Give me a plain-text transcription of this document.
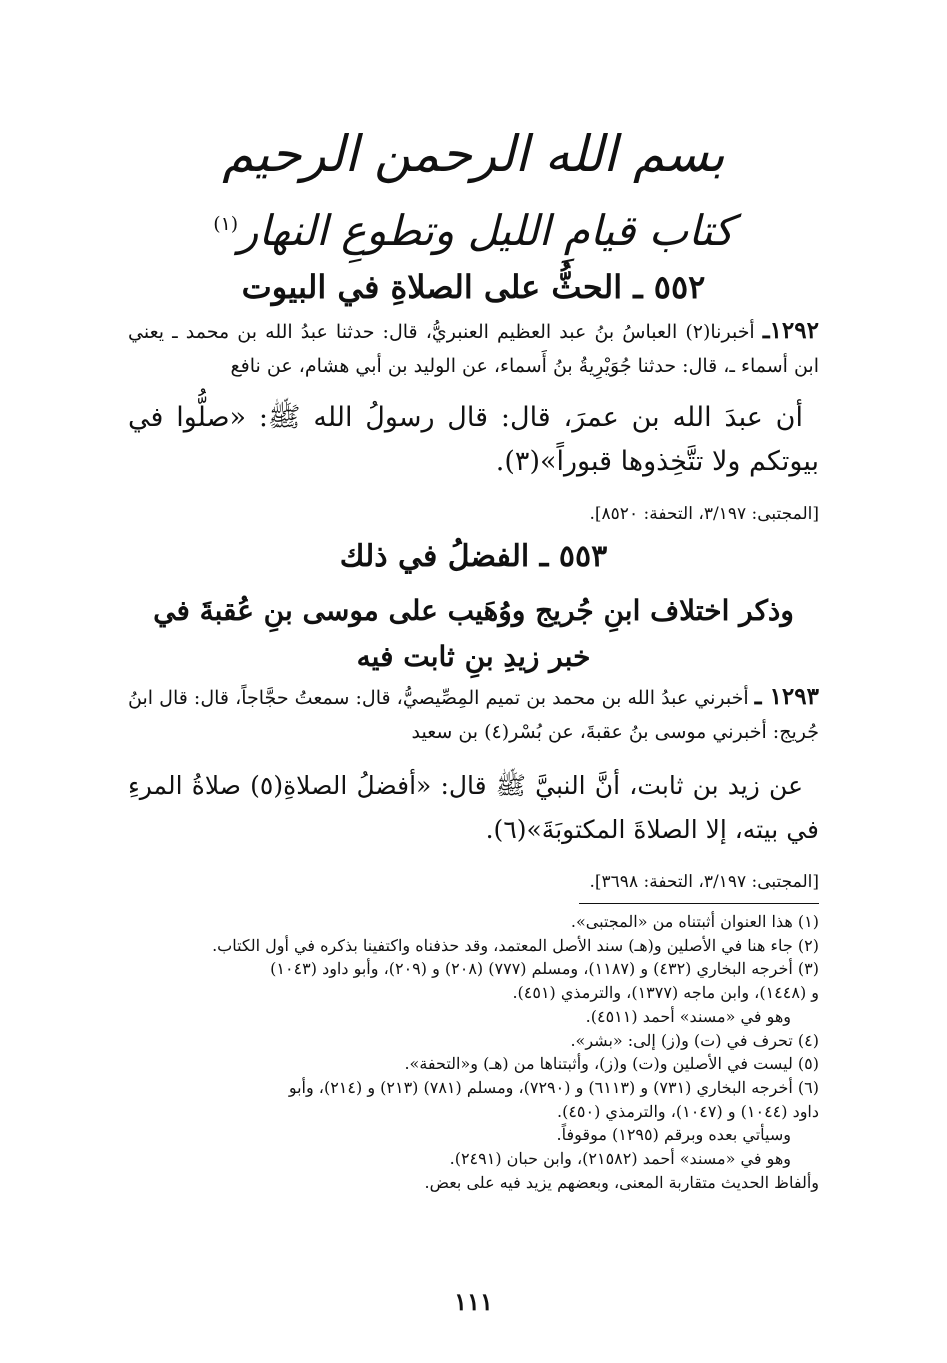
بسم الله الرحمن الرحيم
كتاب قيامِ الليل وتطوعِ النهار$^{(١)}$
٥٥٢ ـ الحثُّ على الصلاةِ في البيوت
١٢٩٢ـ أخبرنا(٢) العباسُ بنُ عبد العظيم العنبريُّ، قال: حدثنا عبدُ الله بن محمد ـ يعني ابن أسماء ـ، قال: حدثنا جُوَيْرِيةُ بنُ أَسماء، عن الوليد بن أبي هشام، عن نافع
أن عبدَ الله بن عمرَ، قال: قال رسولُ الله ﷺ: «صلُّوا في بيوتكم ولا تتَّخِذوها قبوراً»(٣).
[المجتبى: ٣/١٩٧، التحفة: ٨٥٢٠].
٥٥٣ ـ الفضلُ في ذلك
وذكر اختلاف ابنِ جُريج ووُهَيب على موسى بنِ عُقبةَ في خبر زيدِ بنِ ثابت فيه
١٢٩٣ ـ أخبرني عبدُ الله بن محمد بن تميم المِصِّيصيُّ، قال: سمعتُ حجَّاجاً، قال: قال ابنُ جُريج: أخبرني موسى بنُ عقبةَ، عن بُسْر(٤) بن سعيد
عن زيد بن ثابت، أنَّ النبيَّ ﷺ قال: «أفضلُ الصلاةِ(٥) صلاةُ المرءِ في بيته، إلا الصلاةَ المكتوبَةَ»(٦).
[المجتبى: ٣/١٩٧، التحفة: ٣٦٩٨].
(١) هذا العنوان أثبتناه من «المجتبى».
(٢) جاء هنا في الأصلين و(هـ) سند الأصل المعتمد، وقد حذفناه واكتفينا بذكره في أول الكتاب.
(٣) أخرجه البخاري (٤٣٢) و (١١٨٧)، ومسلم (٧٧٧) (٢٠٨) و (٢٠٩)، وأبو داود (١٠٤٣)
و (١٤٤٨)، وابن ماجه (١٣٧٧)، والترمذي (٤٥١).
وهو في «مسند» أحمد (٤٥١١).
(٤) تحرف في (ت) و(ز) إلى: «بشر».
(٥) ليست في الأصلين و(ت) و(ز)، وأثبتناها من (هـ) و«التحفة».
(٦) أخرجه البخاري (٧٣١) و (٦١١٣) و (٧٢٩٠)، ومسلم (٧٨١) (٢١٣) و (٢١٤)، وأبو
داود (١٠٤٤) و (١٠٤٧)، والترمذي (٤٥٠).
وسيأتي بعده وبرقم (١٢٩٥) موقوفاً.
وهو في «مسند» أحمد (٢١٥٨٢)، وابن حبان (٢٤٩١).
وألفاظ الحديث متقاربة المعنى، وبعضهم يزيد فيه على بعض.
١١١
